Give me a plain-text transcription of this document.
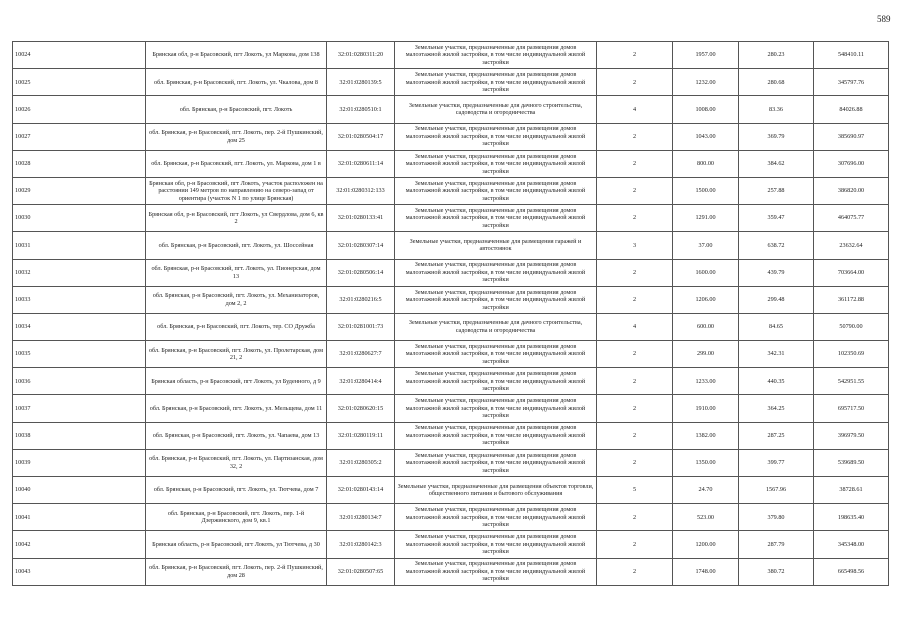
589
10024	Брянская обл, р-н Брасовский, пгт Локоть, ул Маркова, дом 138	32:01:0280311:20	Земельные участки, предназначенные для размещения домов малоэтажной жилой застройки, в том числе индивидуальной жилой застройки	2	1957.00	280.23	548410.11
10025	обл. Брянская, р-н Брасовский, пгт. Локоть, ул. Чкалова, дом 8	32:01:0280139:5	Земельные участки, предназначенные для размещения домов малоэтажной жилой застройки, в том числе индивидуальной жилой застройки	2	1232.00	280.68	345797.76
10026	обл. Брянская, р-н Брасовский, пгт. Локоть	32:01:0280510:1	Земельные участки, предназначенные для дачного строительства, садоводства и огородничества	4	1008.00	83.36	84026.88
10027	обл. Брянская, р-н Брасовский, пгт. Локоть, пер. 2-й Пушкинский, дом 25	32:01:0280504:17	Земельные участки, предназначенные для размещения домов малоэтажной жилой застройки, в том числе индивидуальной жилой застройки	2	1043.00	369.79	385690.97
10028	обл. Брянская, р-н Брасовский, пгт. Локоть, ул. Маркова, дом 1 в	32:01:0280611:14	Земельные участки, предназначенные для размещения домов малоэтажной жилой застройки, в том числе индивидуальной жилой застройки	2	800.00	384.62	307696.00
10029	Брянская обл, р-н Брасовский, пгт Локоть, участок расположен на расстоянии 149 метров по направлению на северо-запад от ориентира (участок N 1 по улице Брянская)	32:01:0280312:133	Земельные участки, предназначенные для размещения домов малоэтажной жилой застройки, в том числе индивидуальной жилой застройки	2	1500.00	257.88	386820.00
10030	Брянская обл, р-н Брасовский, пгт Локоть, ул Свердлова, дом 6, кв 2	32:01:0280133:41	Земельные участки, предназначенные для размещения домов малоэтажной жилой застройки, в том числе индивидуальной жилой застройки	2	1291.00	359.47	464075.77
10031	обл. Брянская, р-н Брасовский, пгт. Локоть, ул. Шоссейная	32:01:0280307:14	Земельные участки, предназначенные для размещения гаражей и автостоянок	3	37.00	638.72	23632.64
10032	обл. Брянская, р-н Брасовский, пгт. Локоть, ул. Пионерская, дом 13	32:01:0280506:14	Земельные участки, предназначенные для размещения домов малоэтажной жилой застройки, в том числе индивидуальной жилой застройки	2	1600.00	439.79	703664.00
10033	обл. Брянская, р-н Брасовский, пгт. Локоть, ул. Механизаторов, дом 2, 2	32:01:0280216:5	Земельные участки, предназначенные для размещения домов малоэтажной жилой застройки, в том числе индивидуальной жилой застройки	2	1206.00	299.48	361172.88
10034	обл. Брянская, р-н Брасовский, пгт. Локоть, тер. СО Дружба	32:01:0281001:73	Земельные участки, предназначенные для дачного строительства, садоводства и огородничества	4	600.00	84.65	50790.00
10035	обл. Брянская, р-н Брасовский, пгт. Локоть, ул. Пролетарская, дом 21, 2	32:01:0280627:7	Земельные участки, предназначенные для размещения домов малоэтажной жилой застройки, в том числе индивидуальной жилой застройки	2	299.00	342.31	102350.69
10036	Брянская область, р-н Брасовский, пгт Локоть, ул Буденного, д 9	32:01:0280414:4	Земельные участки, предназначенные для размещения домов малоэтажной жилой застройки, в том числе индивидуальной жилой застройки	2	1233.00	440.35	542951.55
10037	обл. Брянская, р-н Брасовский, пгт. Локоть, ул. Мельщева, дом 11	32:01:0280620:15	Земельные участки, предназначенные для размещения домов малоэтажной жилой застройки, в том числе индивидуальной жилой застройки	2	1910.00	364.25	695717.50
10038	обл. Брянская, р-н Брасовский, пгт. Локоть, ул. Чапаева, дом 13	32:01:0280119:11	Земельные участки, предназначенные для размещения домов малоэтажной жилой застройки, в том числе индивидуальной жилой застройки	2	1382.00	287.25	396979.50
10039	обл. Брянская, р-н Брасовский, пгт. Локоть, ул. Партизанская, дом 32, 2	32:01:0280305:2	Земельные участки, предназначенные для размещения домов малоэтажной жилой застройки, в том числе индивидуальной жилой застройки	2	1350.00	399.77	539689.50
10040	обл. Брянская, р-н Брасовский, пгт. Локоть, ул. Тютчева, дом 7	32:01:0280143:14	Земельные участки, предназначенные для размещения объектов торговли, общественного питания и бытового обслуживания	5	24.70	1567.96	38728.61
10041	обл. Брянская, р-н Брасовский, пгт. Локоть, пер. 1-й Дзержинского, дом 9, кв.1	32:01:0280134:7	Земельные участки, предназначенные для размещения домов малоэтажной жилой застройки, в том числе индивидуальной жилой застройки	2	523.00	379.80	198635.40
10042	Брянская область, р-н Брасовский, пгт Локоть, ул Тютчева, д 30	32:01:0280142:3	Земельные участки, предназначенные для размещения домов малоэтажной жилой застройки, в том числе индивидуальной жилой застройки	2	1200.00	287.79	345348.00
10043	обл. Брянская, р-н Брасовский, пгт. Локоть, пер. 2-й Пушкинский, дом 28	32:01:0280507:65	Земельные участки, предназначенные для размещения домов малоэтажной жилой застройки, в том числе индивидуальной жилой застройки	2	1748.00	380.72	665498.56
